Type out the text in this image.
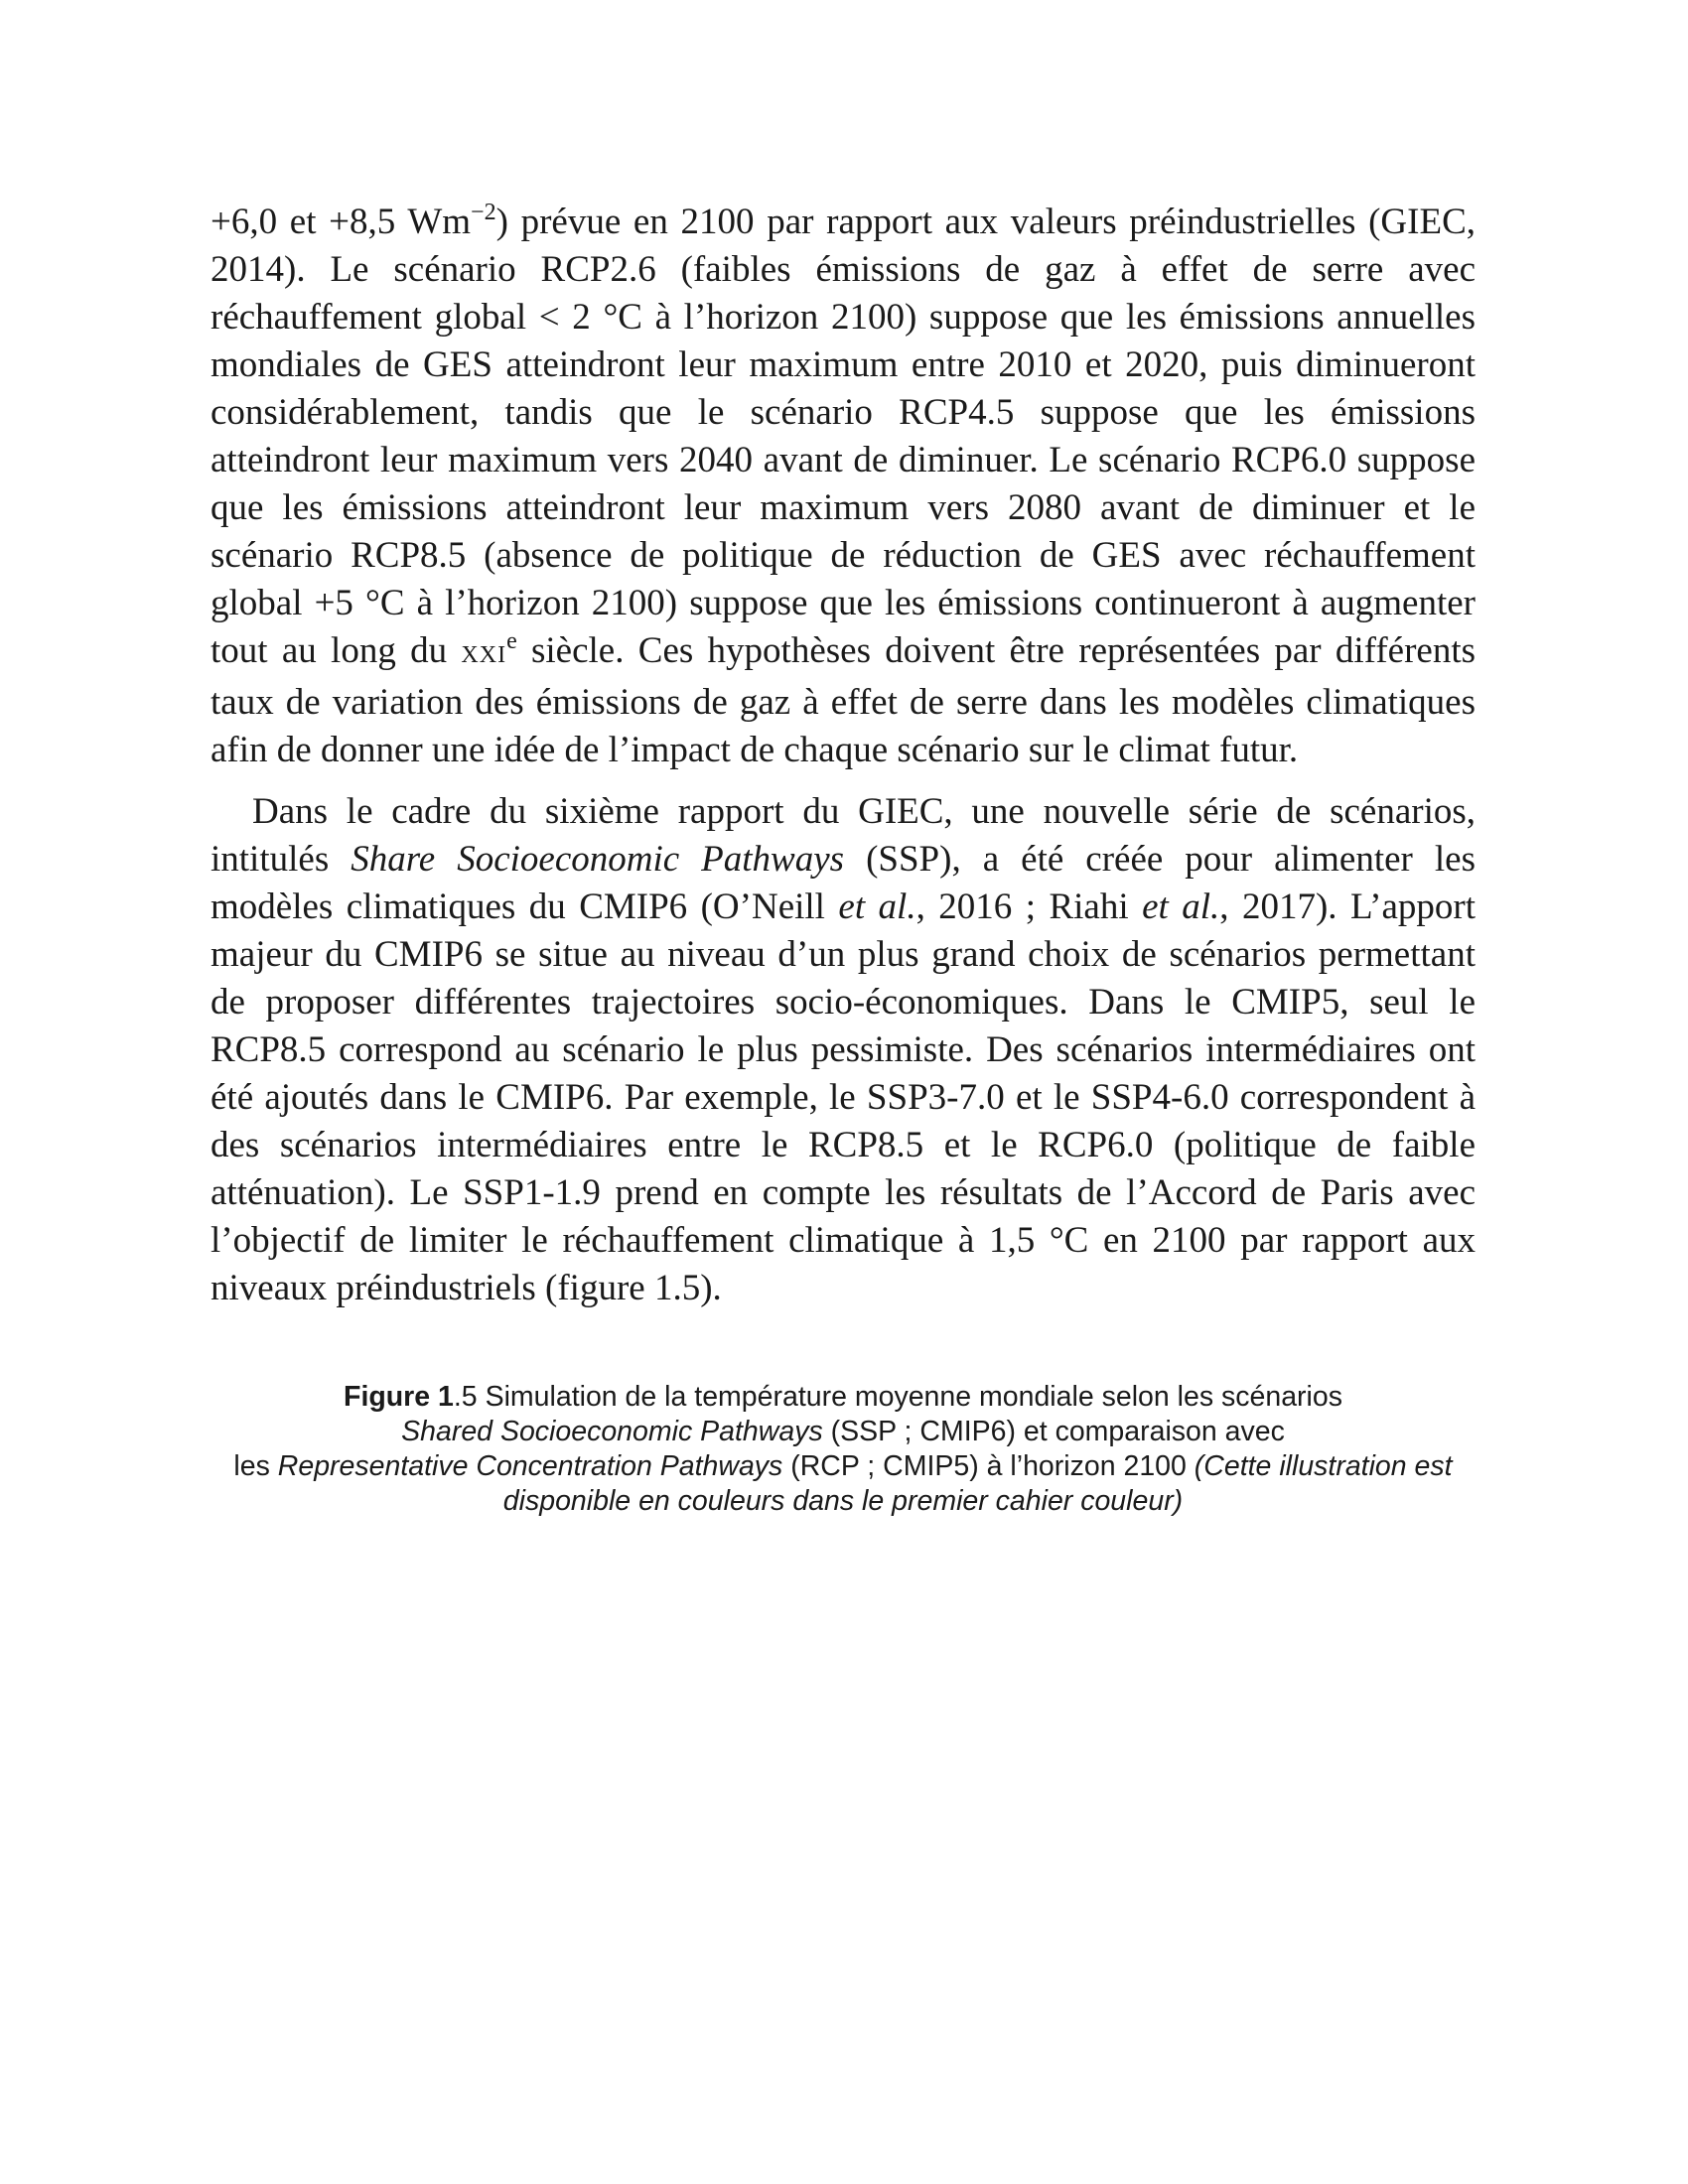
+6,0 et +8,5 $Wm^{-2}$) prévue en 2100 par rapport aux valeurs préindustrielles (GIEC, 2014). Le scénario RCP2.6 (faibles émissions de gaz à effet de serre avec réchauffement global < 2 °C à l’horizon 2100) suppose que les émissions annuelles mondiales de GES atteindront leur maximum entre 2010 et 2020, puis diminueront considérablement, tandis que le scénario RCP4.5 suppose que les émissions atteindront leur maximum vers 2040 avant de diminuer. Le scénario RCP6.0 suppose que les émissions atteindront leur maximum vers 2080 avant de diminuer et le scénario RCP8.5 (absence de politique de réduction de GES avec réchauffement global +5 °C à l’horizon 2100) suppose que les émissions continueront à augmenter tout au long du XXIe siècle. Ces hypothèses doivent être représentées par différents taux de variation des émissions de gaz à effet de serre dans les modèles climatiques afin de donner une idée de l’impact de chaque scénario sur le climat futur.

Dans le cadre du sixième rapport du GIEC, une nouvelle série de scénarios, intitulés Share Socioeconomic Pathways (SSP), a été créée pour alimenter les modèles climatiques du CMIP6 (O’Neill et al., 2016 ; Riahi et al., 2017). L’apport majeur du CMIP6 se situe au niveau d’un plus grand choix de scénarios permettant de proposer différentes trajectoires socio-économiques. Dans le CMIP5, seul le RCP8.5 correspond au scénario le plus pessimiste. Des scénarios intermédiaires ont été ajoutés dans le CMIP6. Par exemple, le SSP3-7.0 et le SSP4-6.0 correspondent à des scénarios intermédiaires entre le RCP8.5 et le RCP6.0 (politique de faible atténuation). Le SSP1-1.9 prend en compte les résultats de l’Accord de Paris avec l’objectif de limiter le réchauffement climatique à 1,5 °C en 2100 par rapport aux niveaux préindustriels (figure 1.5).

Figure 1.5 Simulation de la température moyenne mondiale selon les scénarios
Shared Socioeconomic Pathways (SSP ; CMIP6) et comparaison avec
les Representative Concentration Pathways (RCP ; CMIP5) à l’horizon 2100 (Cette illustration est disponible en couleurs dans le premier cahier couleur)
